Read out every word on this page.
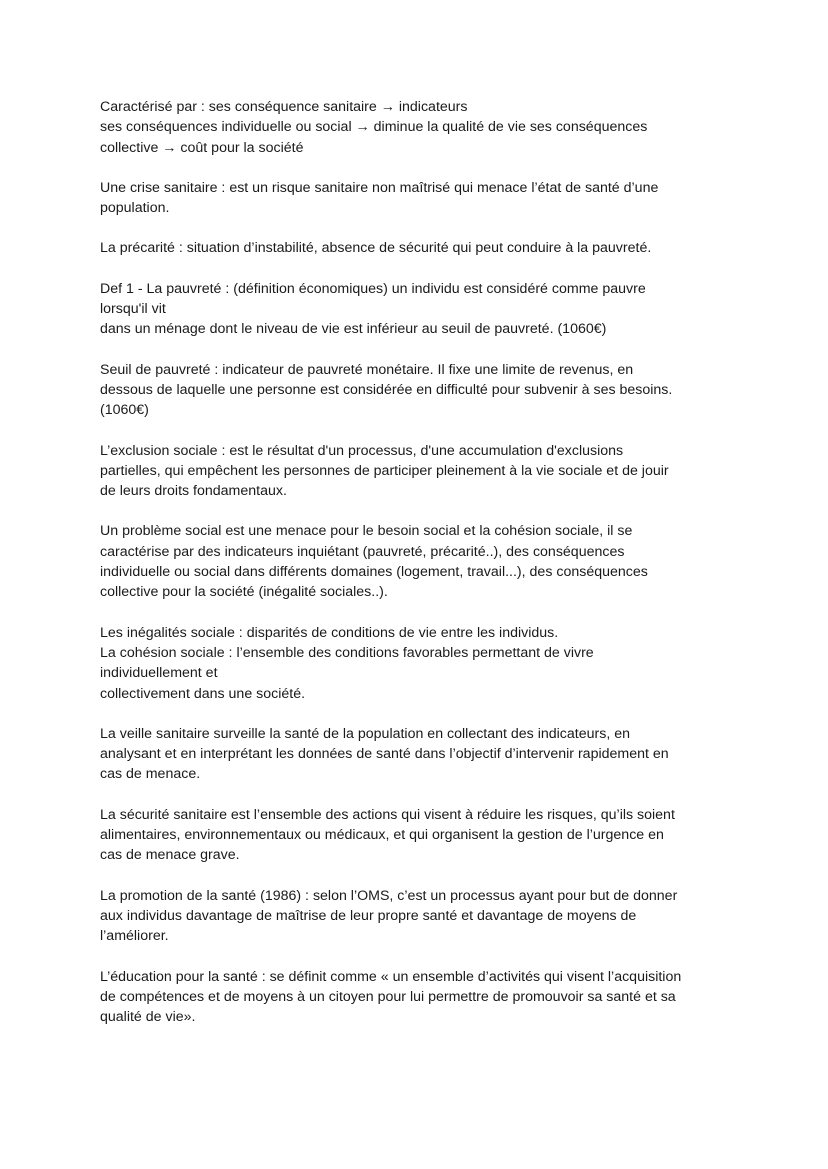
Caractérisé par : ses conséquence sanitaire → indicateurs
ses conséquences individuelle ou social → diminue la qualité de vie ses conséquences
collective → coût pour la société
Une crise sanitaire : est un risque sanitaire non maîtrisé qui menace l’état de santé d’une
population.
La précarité : situation d’instabilité, absence de sécurité qui peut conduire à la pauvreté.
Def 1 - La pauvreté : (définition économiques) un individu est considéré comme pauvre
lorsqu'il vit
dans un ménage dont le niveau de vie est inférieur au seuil de pauvreté. (1060€)
Seuil de pauvreté : indicateur de pauvreté monétaire. Il fixe une limite de revenus, en
dessous de laquelle une personne est considérée en difficulté pour subvenir à ses besoins.
(1060€)
L’exclusion sociale : est le résultat d'un processus, d'une accumulation d'exclusions
partielles, qui empêchent les personnes de participer pleinement à la vie sociale et de jouir
de leurs droits fondamentaux.
Un problème social est une menace pour le besoin social et la cohésion sociale, il se
caractérise par des indicateurs inquiétant (pauvreté, précarité..), des conséquences
individuelle ou social dans différents domaines (logement, travail...), des conséquences
collective pour la société (inégalité sociales..).
Les inégalités sociale : disparités de conditions de vie entre les individus.
La cohésion sociale : l’ensemble des conditions favorables permettant de vivre
individuellement et
collectivement dans une société.
La veille sanitaire surveille la santé de la population en collectant des indicateurs, en
analysant et en interprétant les données de santé dans l’objectif d’intervenir rapidement en
cas de menace.
La sécurité sanitaire est l’ensemble des actions qui visent à réduire les risques, qu’ils soient
alimentaires, environnementaux ou médicaux, et qui organisent la gestion de l’urgence en
cas de menace grave.
La promotion de la santé (1986) : selon l’OMS, c’est un processus ayant pour but de donner
aux individus davantage de maîtrise de leur propre santé et davantage de moyens de
l’améliorer.
L’éducation pour la santé : se définit comme « un ensemble d’activités qui visent l’acquisition
de compétences et de moyens à un citoyen pour lui permettre de promouvoir sa santé et sa
qualité de vie».
